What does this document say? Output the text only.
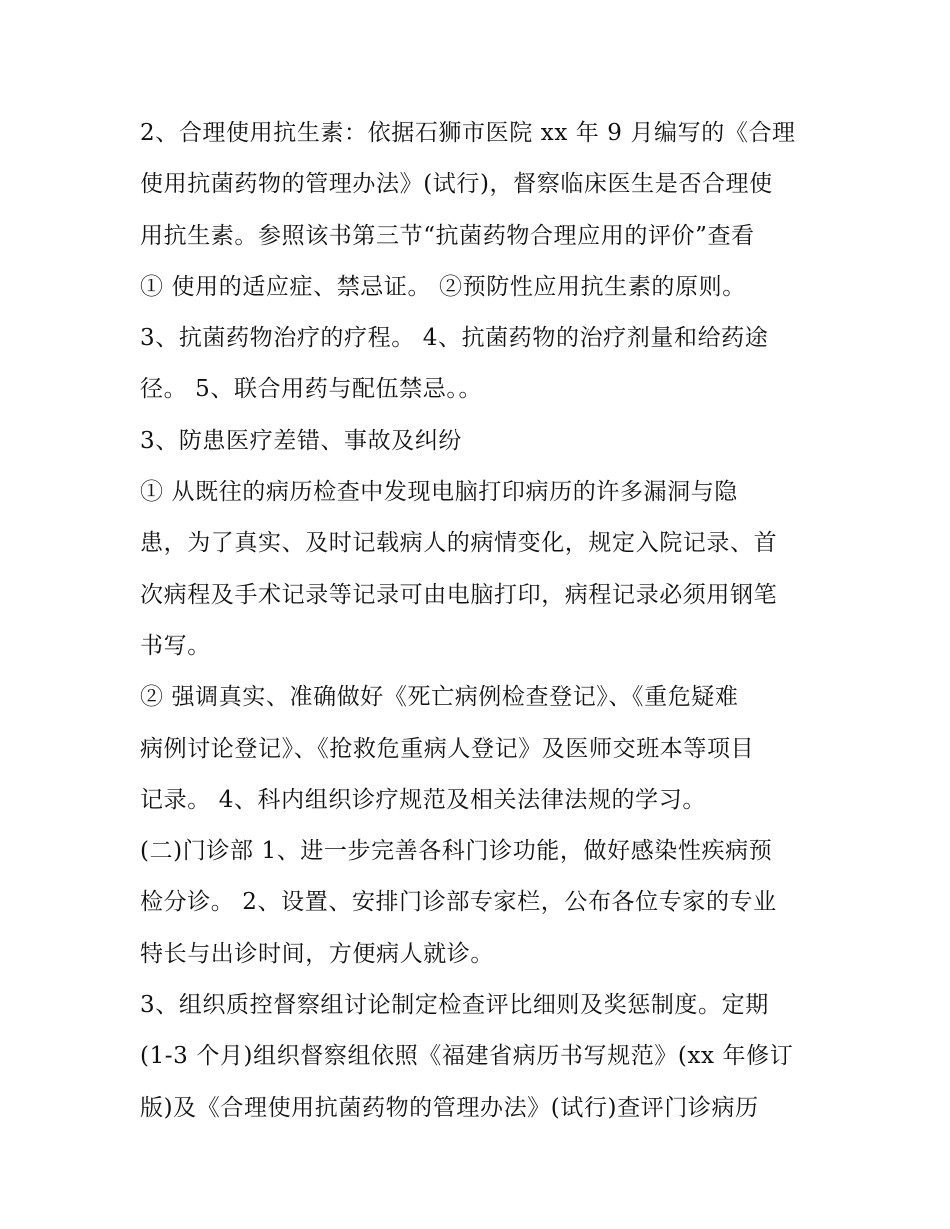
2、合理使用抗生素：依据石狮市医院 xx 年 9 月编写的《合理
使用抗菌药物的管理办法》(试行)，督察临床医生是否合理使
用抗生素。参照该书第三节“抗菌药物合理应用的评价”查看
① 使用的适应症、禁忌证。 ②预防性应用抗生素的原则。
3、抗菌药物治疗的疗程。 4、抗菌药物的治疗剂量和给药途
径。 5、联合用药与配伍禁忌。。
3、防患医疗差错、事故及纠纷
① 从既往的病历检查中发现电脑打印病历的许多漏洞与隐
患，为了真实、及时记载病人的病情变化，规定入院记录、首
次病程及手术记录等记录可由电脑打印，病程记录必须用钢笔
书写。
② 强调真实、准确做好《死亡病例检查登记》、《重危疑难
病例讨论登记》、《抢救危重病人登记》及医师交班本等项目
记录。 4、科内组织诊疗规范及相关法律法规的学习。
(二)门诊部 1、进一步完善各科门诊功能，做好感染性疾病预
检分诊。 2、设置、安排门诊部专家栏，公布各位专家的专业
特长与出诊时间，方便病人就诊。
3、组织质控督察组讨论制定检查评比细则及奖惩制度。定期
(1-3 个月)组织督察组依照《福建省病历书写规范》(xx 年修订
版)及《合理使用抗菌药物的管理办法》(试行)查评门诊病历
